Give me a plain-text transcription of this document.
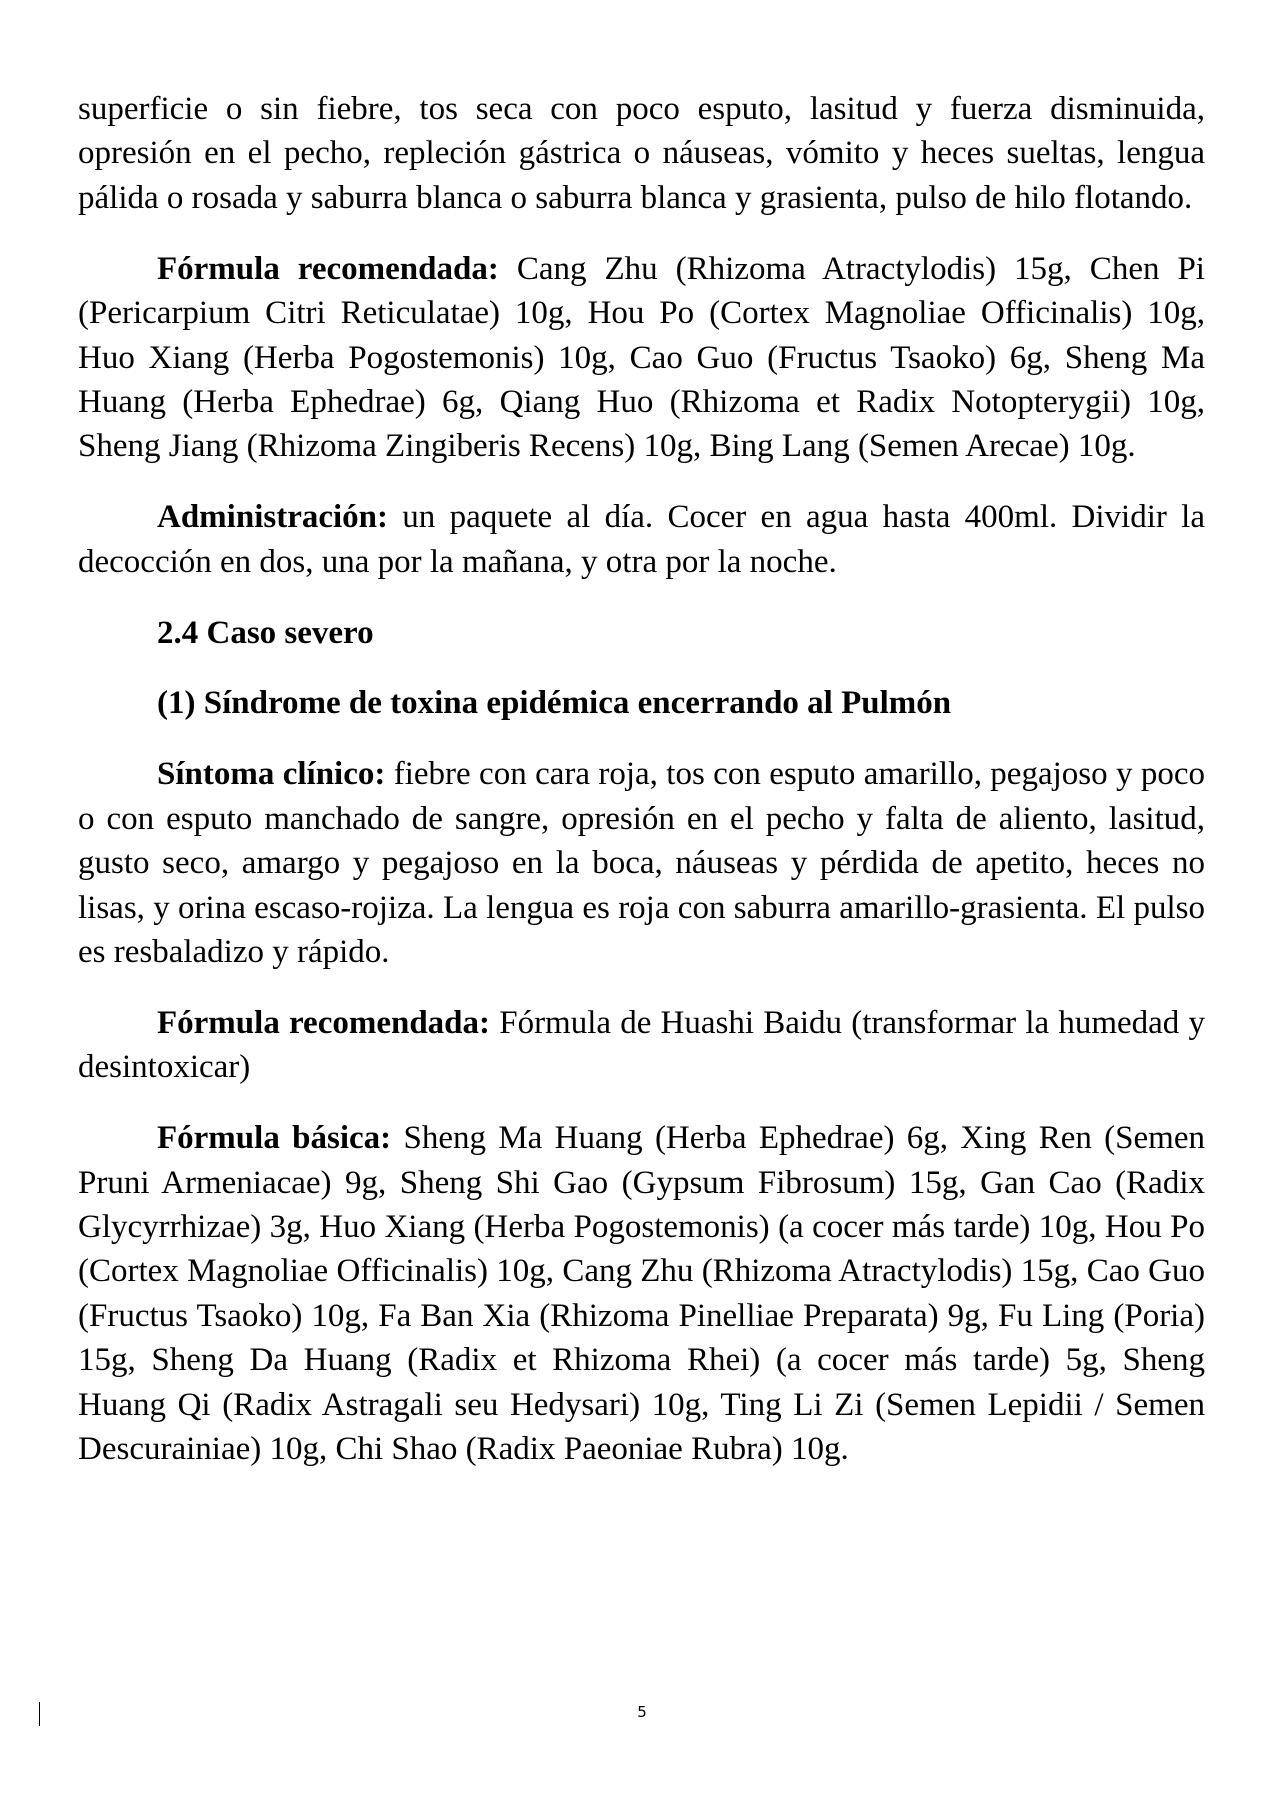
superficie o sin fiebre, tos seca con poco esputo, lasitud y fuerza disminuida, opresión en el pecho, repleción gástrica o náuseas, vómito y heces sueltas, lengua pálida o rosada y saburra blanca o saburra blanca y grasienta, pulso de hilo flotando.

Fórmula recomendada: Cang Zhu (Rhizoma Atractylodis) 15g, Chen Pi (Pericarpium Citri Reticulatae) 10g, Hou Po (Cortex Magnoliae Officinalis) 10g, Huo Xiang (Herba Pogostemonis) 10g, Cao Guo (Fructus Tsaoko) 6g, Sheng Ma Huang (Herba Ephedrae) 6g, Qiang Huo (Rhizoma et Radix Notopterygii) 10g, Sheng Jiang (Rhizoma Zingiberis Recens) 10g, Bing Lang (Semen Arecae) 10g.

Administración: un paquete al día. Cocer en agua hasta 400ml. Dividir la decocción en dos, una por la mañana, y otra por la noche.

2.4 Caso severo

(1) Síndrome de toxina epidémica encerrando al Pulmón

Síntoma clínico: fiebre con cara roja, tos con esputo amarillo, pegajoso y poco o con esputo manchado de sangre, opresión en el pecho y falta de aliento, lasitud, gusto seco, amargo y pegajoso en la boca, náuseas y pérdida de apetito, heces no lisas, y orina escaso-rojiza. La lengua es roja con saburra amarillo-grasienta. El pulso es resbaladizo y rápido.

Fórmula recomendada: Fórmula de Huashi Baidu (transformar la humedad y desintoxicar)

Fórmula básica: Sheng Ma Huang (Herba Ephedrae) 6g, Xing Ren (Semen Pruni Armeniacae) 9g, Sheng Shi Gao (Gypsum Fibrosum) 15g, Gan Cao (Radix Glycyrrhizae) 3g, Huo Xiang (Herba Pogostemonis) (a cocer más tarde) 10g, Hou Po (Cortex Magnoliae Officinalis) 10g, Cang Zhu (Rhizoma Atractylodis) 15g, Cao Guo (Fructus Tsaoko) 10g, Fa Ban Xia (Rhizoma Pinelliae Preparata) 9g, Fu Ling (Poria) 15g, Sheng Da Huang (Radix et Rhizoma Rhei) (a cocer más tarde) 5g, Sheng Huang Qi (Radix Astragali seu Hedysari) 10g, Ting Li Zi (Semen Lepidii / Semen Descurainiae) 10g, Chi Shao (Radix Paeoniae Rubra) 10g.

5
